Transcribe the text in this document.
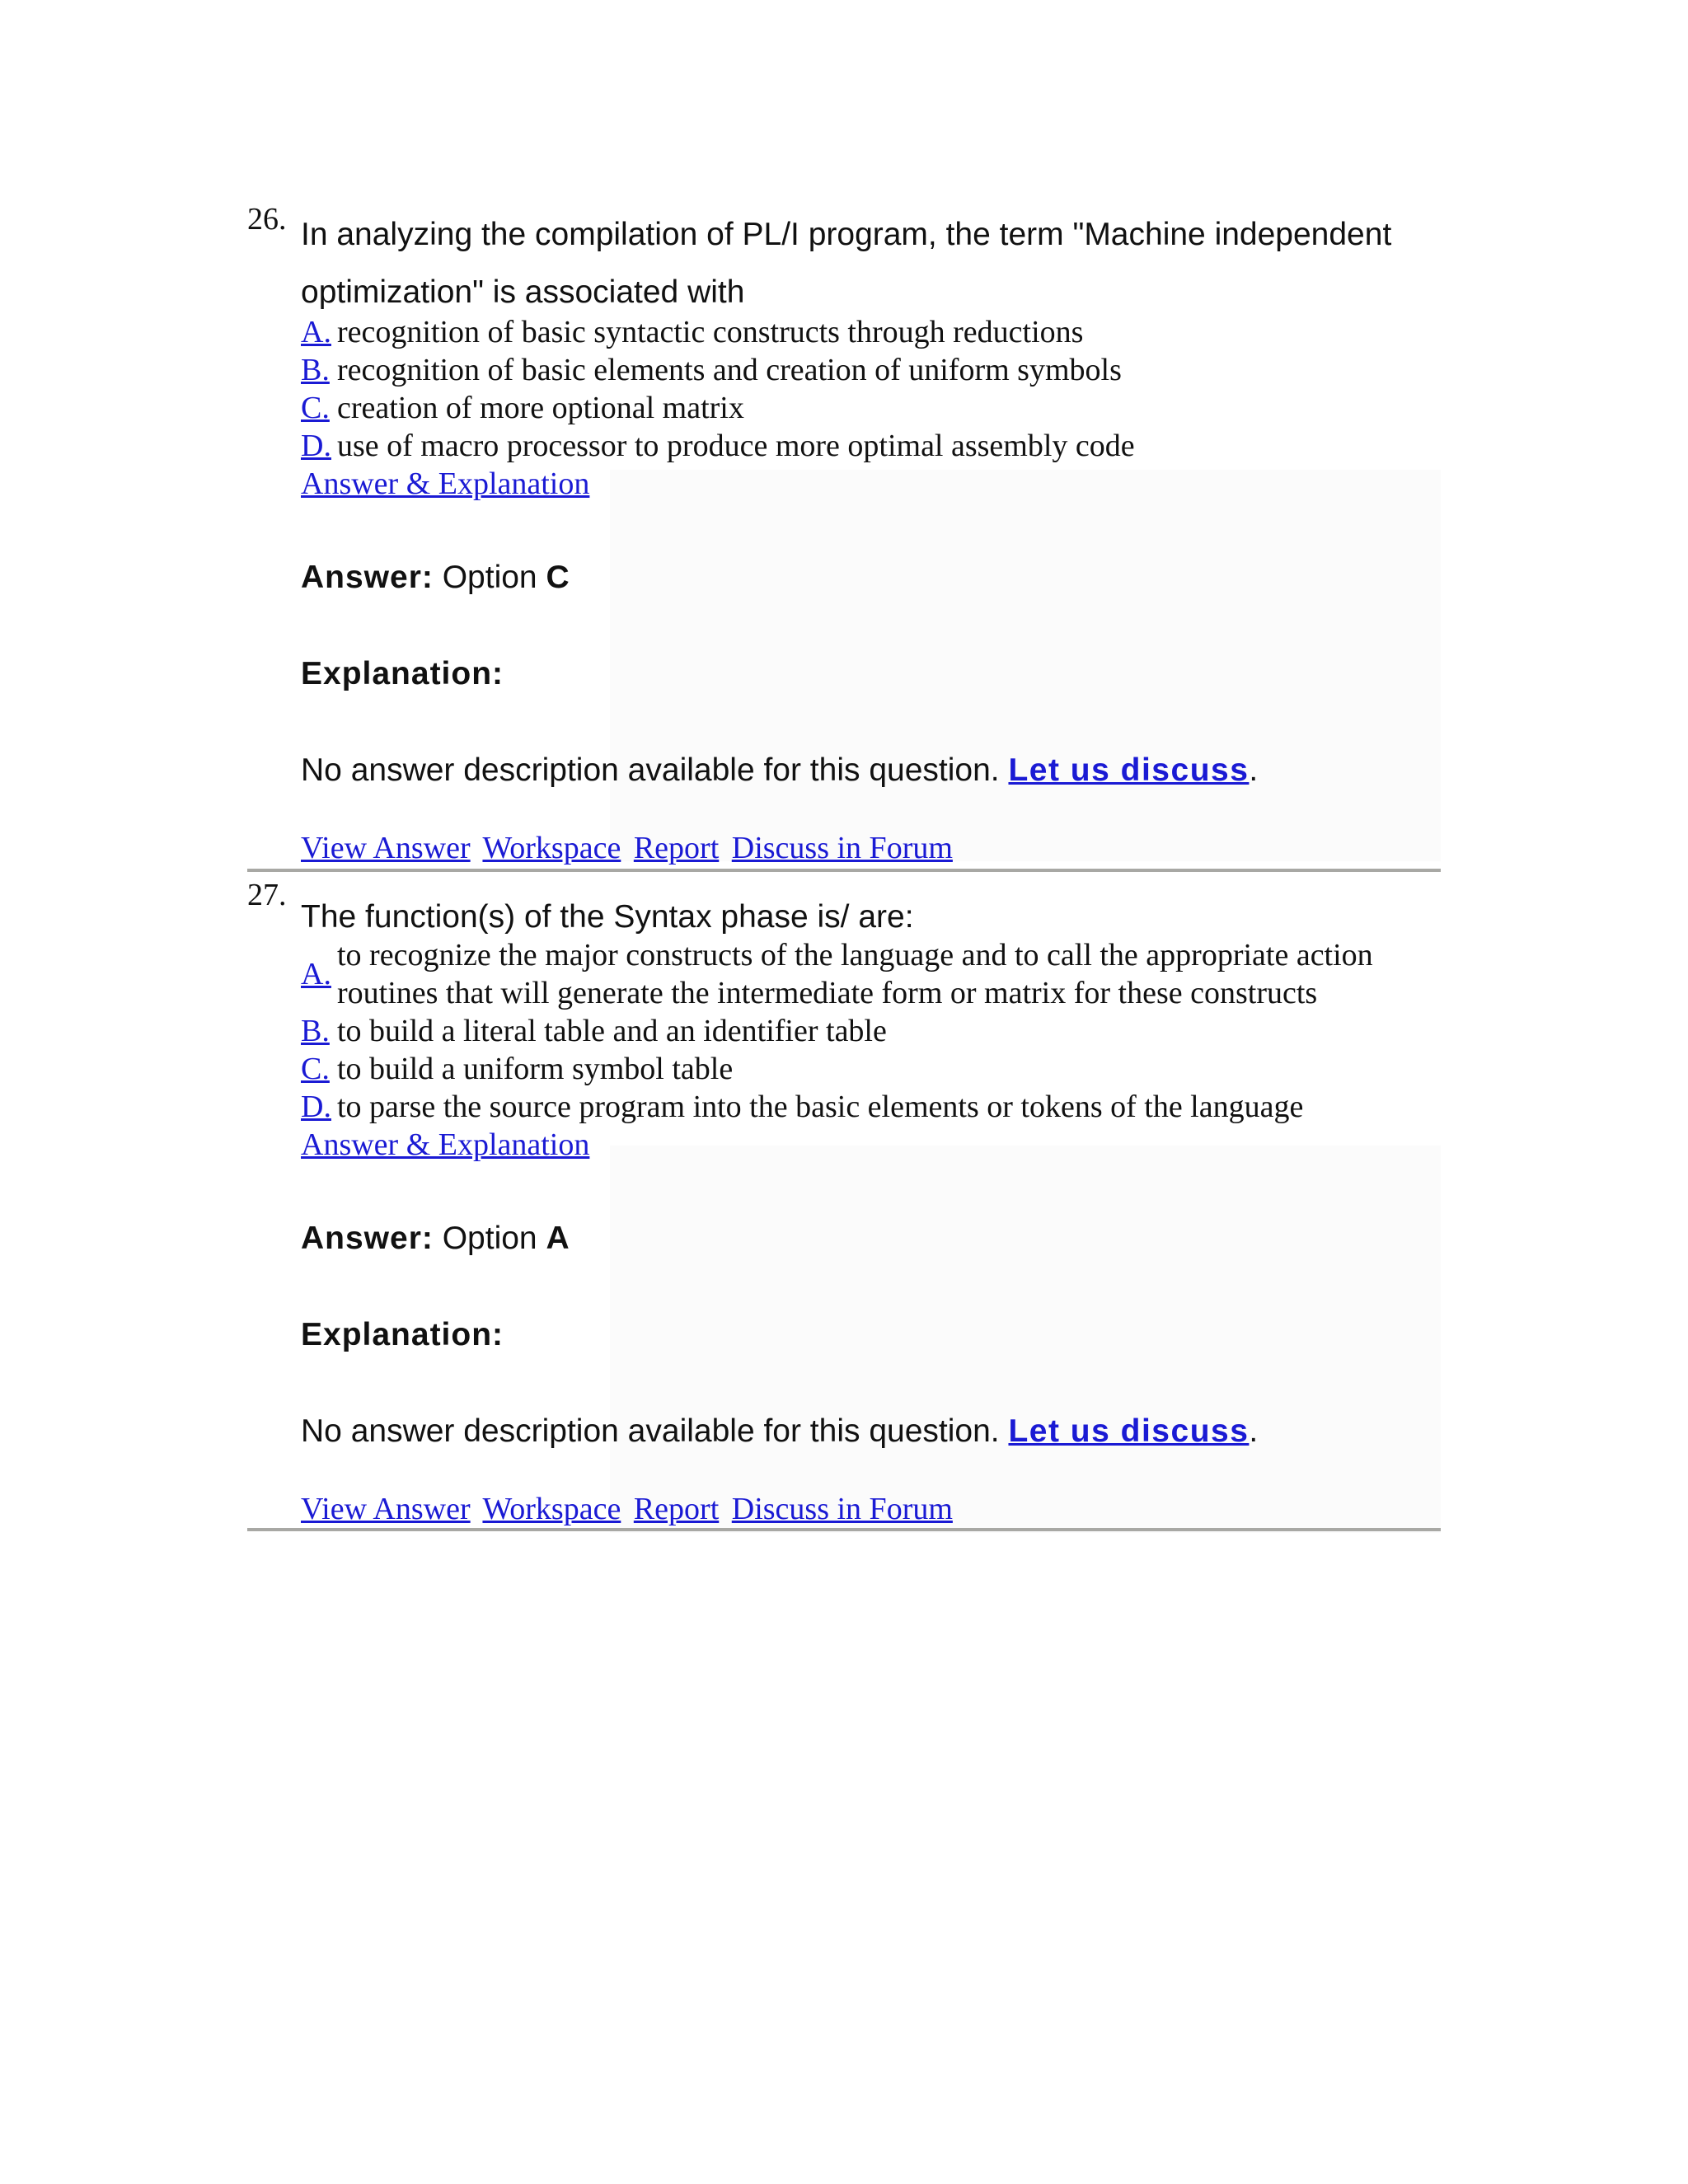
26. In analyzing the compilation of PL/I program, the term "Machine independent optimization" is associated with
A. recognition of basic syntactic constructs through reductions
B. recognition of basic elements and creation of uniform symbols
C. creation of more optional matrix
D. use of macro processor to produce more optimal assembly code
Answer & Explanation
Answer: Option C
Explanation:
No answer description available for this question. Let us discuss.
View Answer Workspace Report Discuss in Forum
27.
The function(s) of the Syntax phase is/ are:
A.
to recognize the major constructs of the language and to call the appropriate action routines that will generate the intermediate form or matrix for these constructs
B. to build a literal table and an identifier table
C. to build a uniform symbol table
D. to parse the source program into the basic elements or tokens of the language
Answer & Explanation
Answer: Option A
Explanation:
No answer description available for this question. Let us discuss.
View Answer Workspace Report Discuss in Forum
